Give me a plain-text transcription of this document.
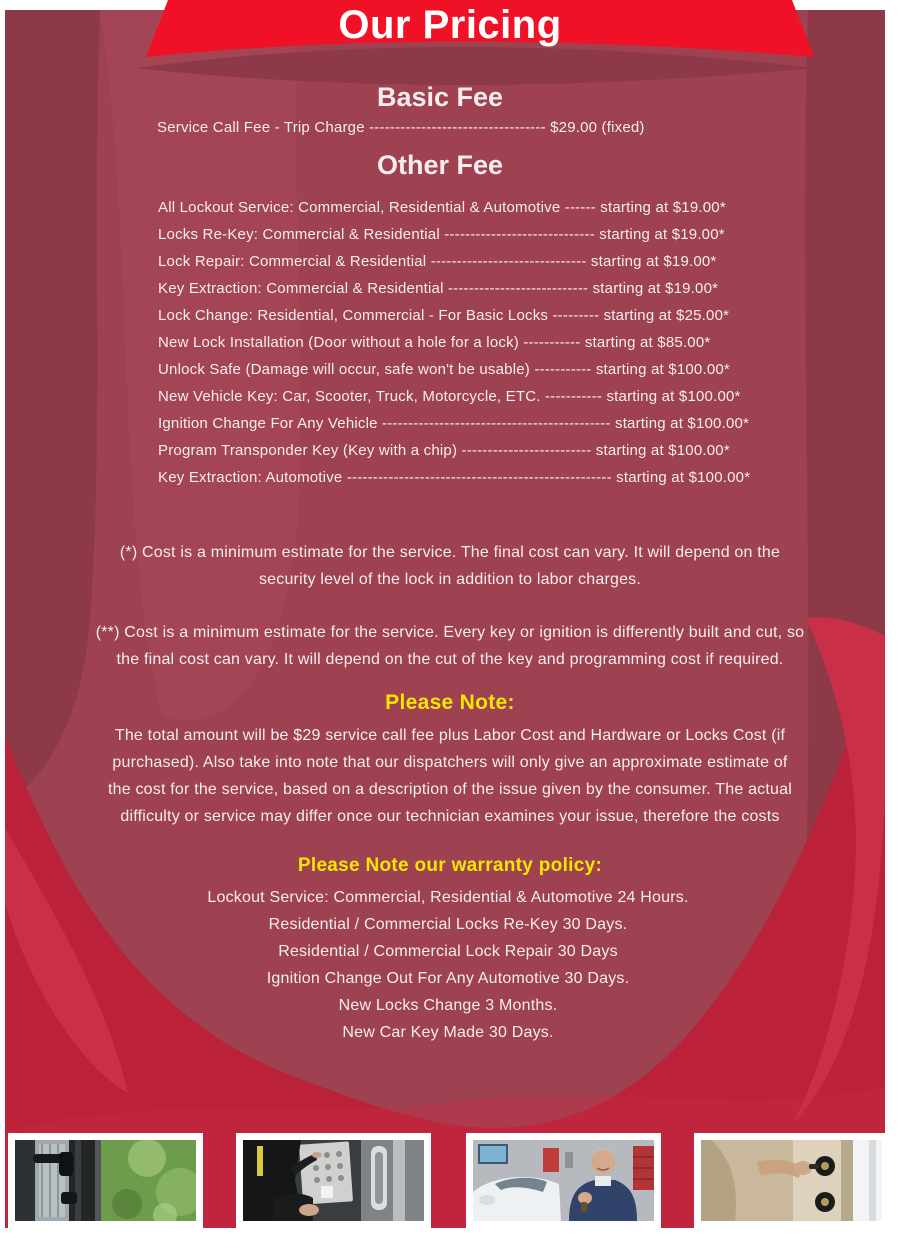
Our Pricing
Basic Fee
Service Call Fee - Trip Charge ---------------------------------- $29.00 (fixed)
Other Fee
All Lockout Service: Commercial, Residential & Automotive ------ starting at $19.00*
Locks Re-Key: Commercial & Residential ----------------------------- starting at $19.00*
Lock Repair: Commercial & Residential ------------------------------ starting at $19.00*
Key Extraction: Commercial & Residential --------------------------- starting at $19.00*
Lock Change: Residential, Commercial - For Basic Locks --------- starting at $25.00*
New Lock Installation (Door without a hole for a lock) ----------- starting at $85.00*
Unlock Safe (Damage will occur, safe won't be usable) ----------- starting at $100.00*
New Vehicle Key: Car, Scooter, Truck, Motorcycle, ETC. ----------- starting at $100.00*
Ignition Change For Any Vehicle -------------------------------------------- starting at $100.00*
Program Transponder Key (Key with a chip) ------------------------- starting at $100.00*
Key Extraction: Automotive --------------------------------------------------- starting at $100.00*

(*) Cost is a minimum estimate for the service. The final cost can vary. It will depend on the security level of the lock in addition to labor charges.

(**) Cost is a minimum estimate for the service. Every key or ignition is differently built and cut, so the final cost can vary. It will depend on the cut of the key and programming cost if required.

Please Note:

The total amount will be $29 service call fee plus Labor Cost and Hardware or Locks Cost (if purchased). Also take into note that our dispatchers will only give an approximate estimate of the cost for the service, based on a description of the issue given by the consumer. The actual difficulty or service may differ once our technician examines your issue, therefore the costs

Please Note our warranty policy:
Lockout Service: Commercial, Residential & Automotive 24 Hours.
Residential / Commercial Locks Re-Key 30 Days.
Residential / Commercial Lock Repair 30 Days
Ignition Change Out For Any Automotive 30 Days.
New Locks Change 3 Months.
New Car Key Made 30 Days.
